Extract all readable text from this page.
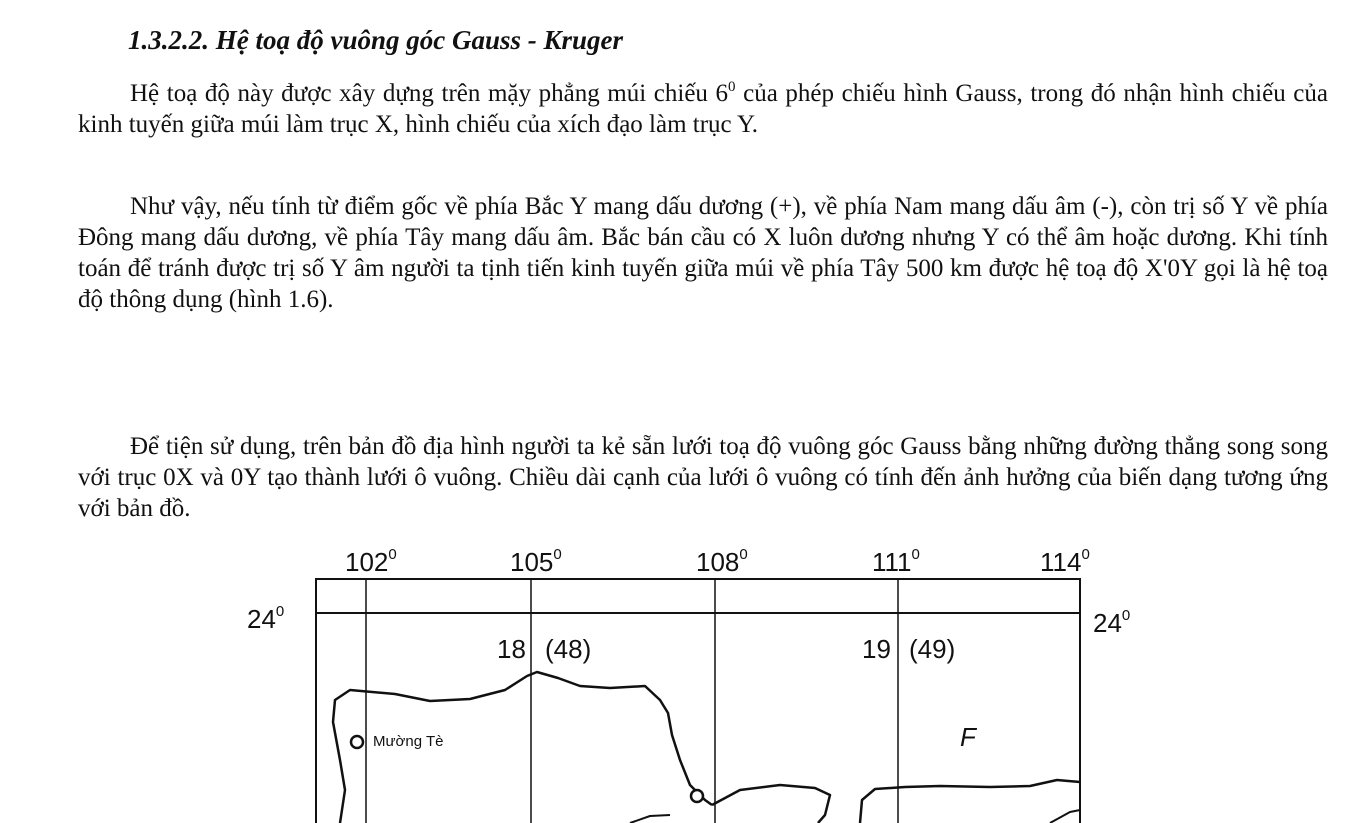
1.3.2.2. Hệ toạ độ vuông góc Gauss - Kruger

Hệ toạ độ này được xây dựng trên mặy phẳng múi chiếu $6^0$ của phép chiếu hình Gauss, trong đó nhận hình chiếu của kinh tuyến giữa múi làm trục X, hình chiếu của xích đạo làm trục Y.

Như vậy, nếu tính từ điểm gốc về phía Bắc Y mang dấu dương (+), về phía Nam mang dấu âm (-), còn trị số Y về phía Đông mang dấu dương, về phía Tây mang dấu âm. Bắc bán cầu có X luôn dương nhưng Y có thể âm hoặc dương. Khi tính toán để tránh được trị số Y âm người ta tịnh tiến kinh tuyến giữa múi về phía Tây 500 km được hệ toạ độ X'0Y gọi là hệ toạ độ thông dụng (hình 1.6).

Để tiện sử dụng, trên bản đồ địa hình người ta kẻ sẵn lưới toạ độ vuông góc Gauss bằng những đường thẳng song song với trục 0X và 0Y tạo thành lưới ô vuông. Chiều dài cạnh của lưới ô vuông có tính đến ảnh hưởng của biến dạng tương ứng với bản đồ.

$102^0$	$105^0$	$108^0$	$111^0$	$114^0$
$24^0$	$24^0$
18 (48)	19 (49)
Mường Tè	F
